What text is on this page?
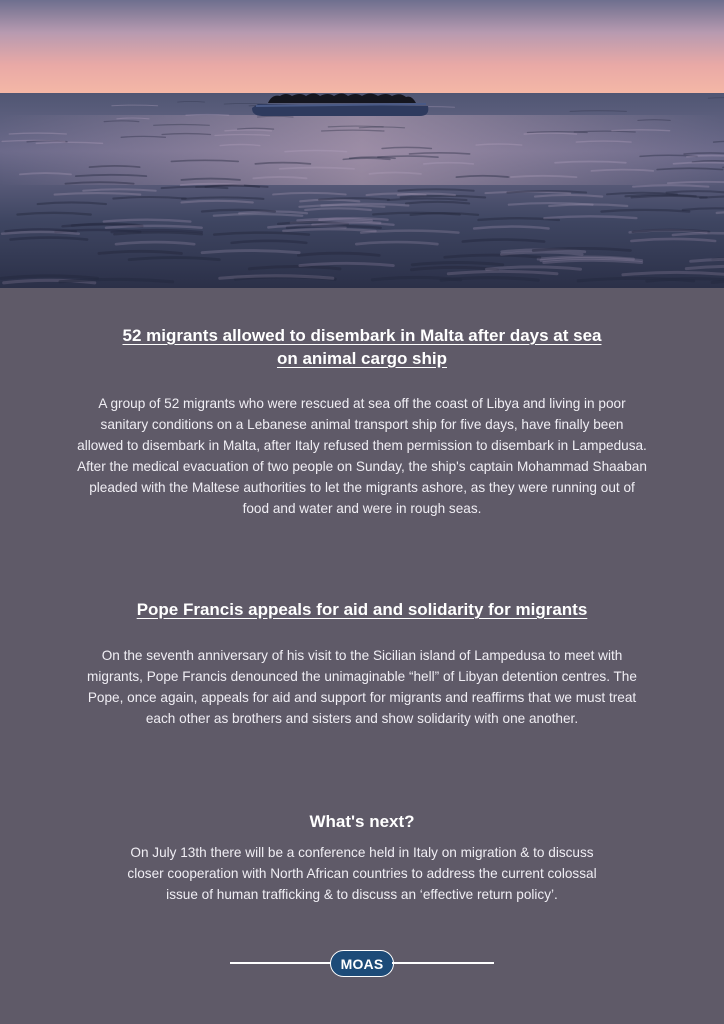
52 migrants allowed to disembark in Malta after days at sea
on animal cargo ship

A group of 52 migrants who were rescued at sea off the coast of Libya and living in poor sanitary conditions on a Lebanese animal transport ship for five days, have finally been allowed to disembark in Malta, after Italy refused them permission to disembark in Lampedusa. After the medical evacuation of two people on Sunday, the ship's captain Mohammad Shaaban pleaded with the Maltese authorities to let the migrants ashore, as they were running out of food and water and were in rough seas.

Pope Francis appeals for aid and solidarity for migrants

On the seventh anniversary of his visit to the Sicilian island of Lampedusa to meet with migrants, Pope Francis denounced the unimaginable “hell” of Libyan detention centres. The Pope, once again, appeals for aid and support for migrants and reaffirms that we must treat each other as brothers and sisters and show solidarity with one another.

What's next?

On July 13th there will be a conference held in Italy on migration & to discuss closer cooperation with North African countries to address the current colossal issue of human trafficking & to discuss an ‘effective return policy’.

MOAS
